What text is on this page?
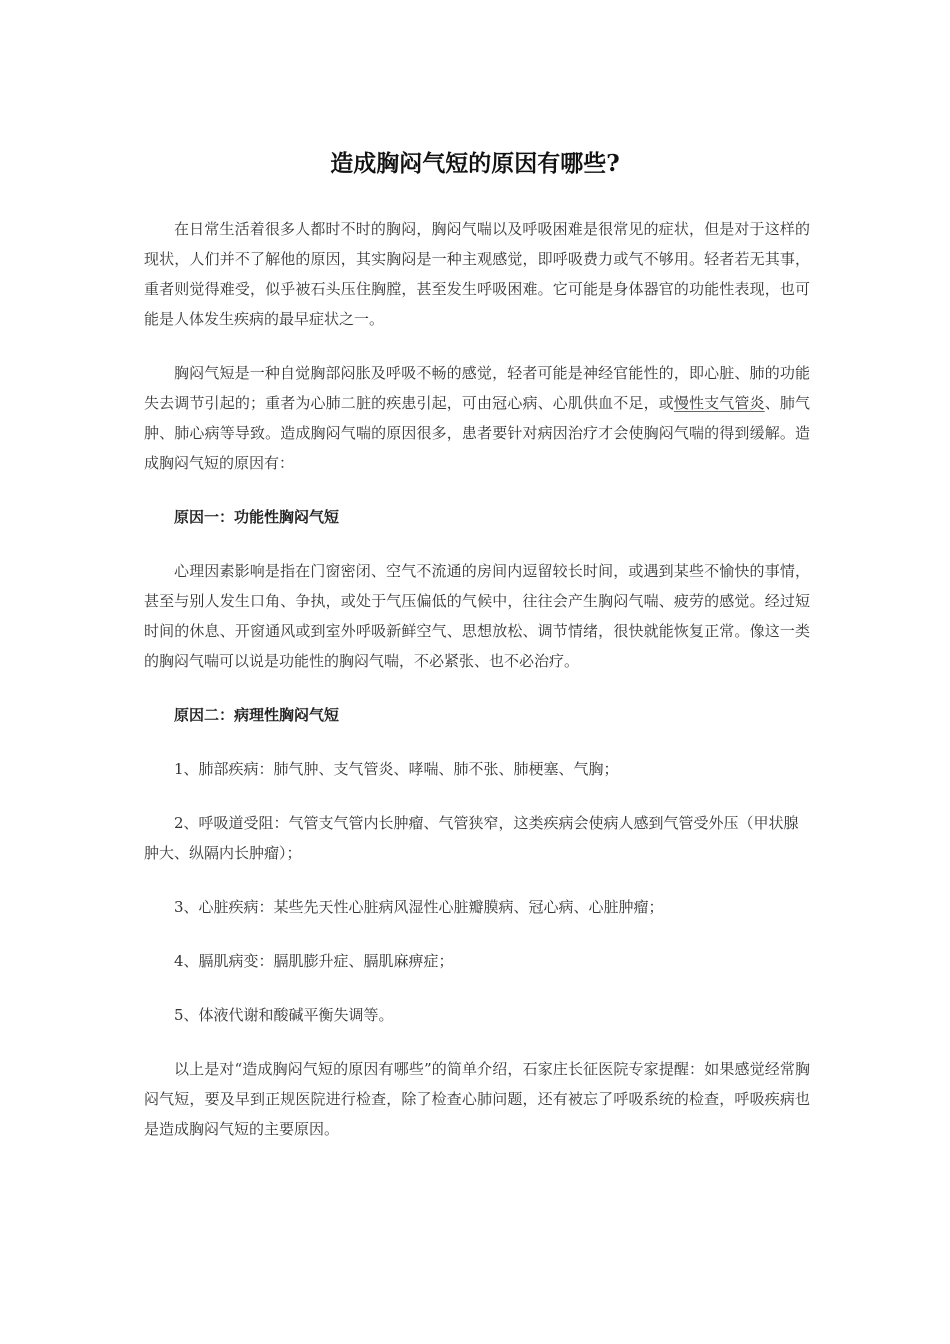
造成胸闷气短的原因有哪些?

在日常生活着很多人都时不时的胸闷，胸闷气喘以及呼吸困难是很常见的症状，但是对于这样的现状，人们并不了解他的原因，其实胸闷是一种主观感觉，即呼吸费力或气不够用。轻者若无其事，重者则觉得难受，似乎被石头压住胸膛，甚至发生呼吸困难。它可能是身体器官的功能性表现，也可能是人体发生疾病的最早症状之一。

胸闷气短是一种自觉胸部闷胀及呼吸不畅的感觉，轻者可能是神经官能性的，即心脏、肺的功能失去调节引起的；重者为心肺二脏的疾患引起，可由冠心病、心肌供血不足，或慢性支气管炎、肺气肿、肺心病等导致。造成胸闷气喘的原因很多，患者要针对病因治疗才会使胸闷气喘的得到缓解。造成胸闷气短的原因有：

原因一：功能性胸闷气短

心理因素影响是指在门窗密闭、空气不流通的房间内逗留较长时间，或遇到某些不愉快的事情，甚至与别人发生口角、争执，或处于气压偏低的气候中，往往会产生胸闷气喘、疲劳的感觉。经过短时间的休息、开窗通风或到室外呼吸新鲜空气、思想放松、调节情绪，很快就能恢复正常。像这一类的胸闷气喘可以说是功能性的胸闷气喘，不必紧张、也不必治疗。

原因二：病理性胸闷气短

1、肺部疾病：肺气肿、支气管炎、哮喘、肺不张、肺梗塞、气胸；

2、呼吸道受阻：气管支气管内长肿瘤、气管狭窄，这类疾病会使病人感到气管受外压（甲状腺肿大、纵隔内长肿瘤）；

3、心脏疾病：某些先天性心脏病风湿性心脏瓣膜病、冠心病、心脏肿瘤；

4、膈肌病变：膈肌膨升症、膈肌麻痹症；

5、体液代谢和酸碱平衡失调等。

以上是对“造成胸闷气短的原因有哪些”的简单介绍，石家庄长征医院专家提醒：如果感觉经常胸闷气短，要及早到正规医院进行检查，除了检查心肺问题，还有被忘了呼吸系统的检查，呼吸疾病也是造成胸闷气短的主要原因。
